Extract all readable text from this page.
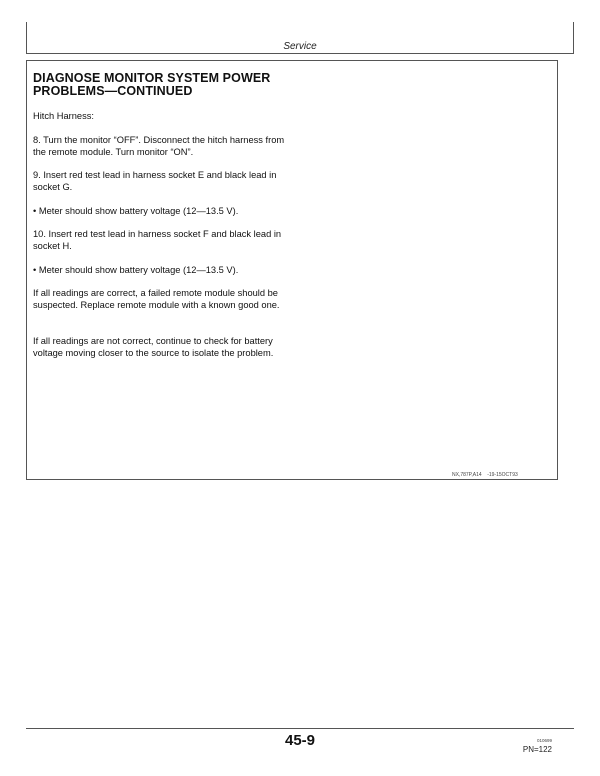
Service
DIAGNOSE MONITOR SYSTEM POWER
PROBLEMS—CONTINUED
Hitch Harness:
8. Turn the monitor “OFF”. Disconnect the hitch harness from the remote module. Turn monitor “ON”.
9. Insert red test lead in harness socket E and black lead in socket G.
• Meter should show battery voltage (12—13.5 V).
10. Insert red test lead in harness socket F and black lead in socket H.
• Meter should show battery voltage (12—13.5 V).
If all readings are correct, a failed remote module should be suspected. Replace remote module with a known good one.
If all readings are not correct, continue to check for battery voltage moving closer to the source to isolate the problem.
NX,787P,A14    -19-15OCT93
45-9	010699
PN=122
